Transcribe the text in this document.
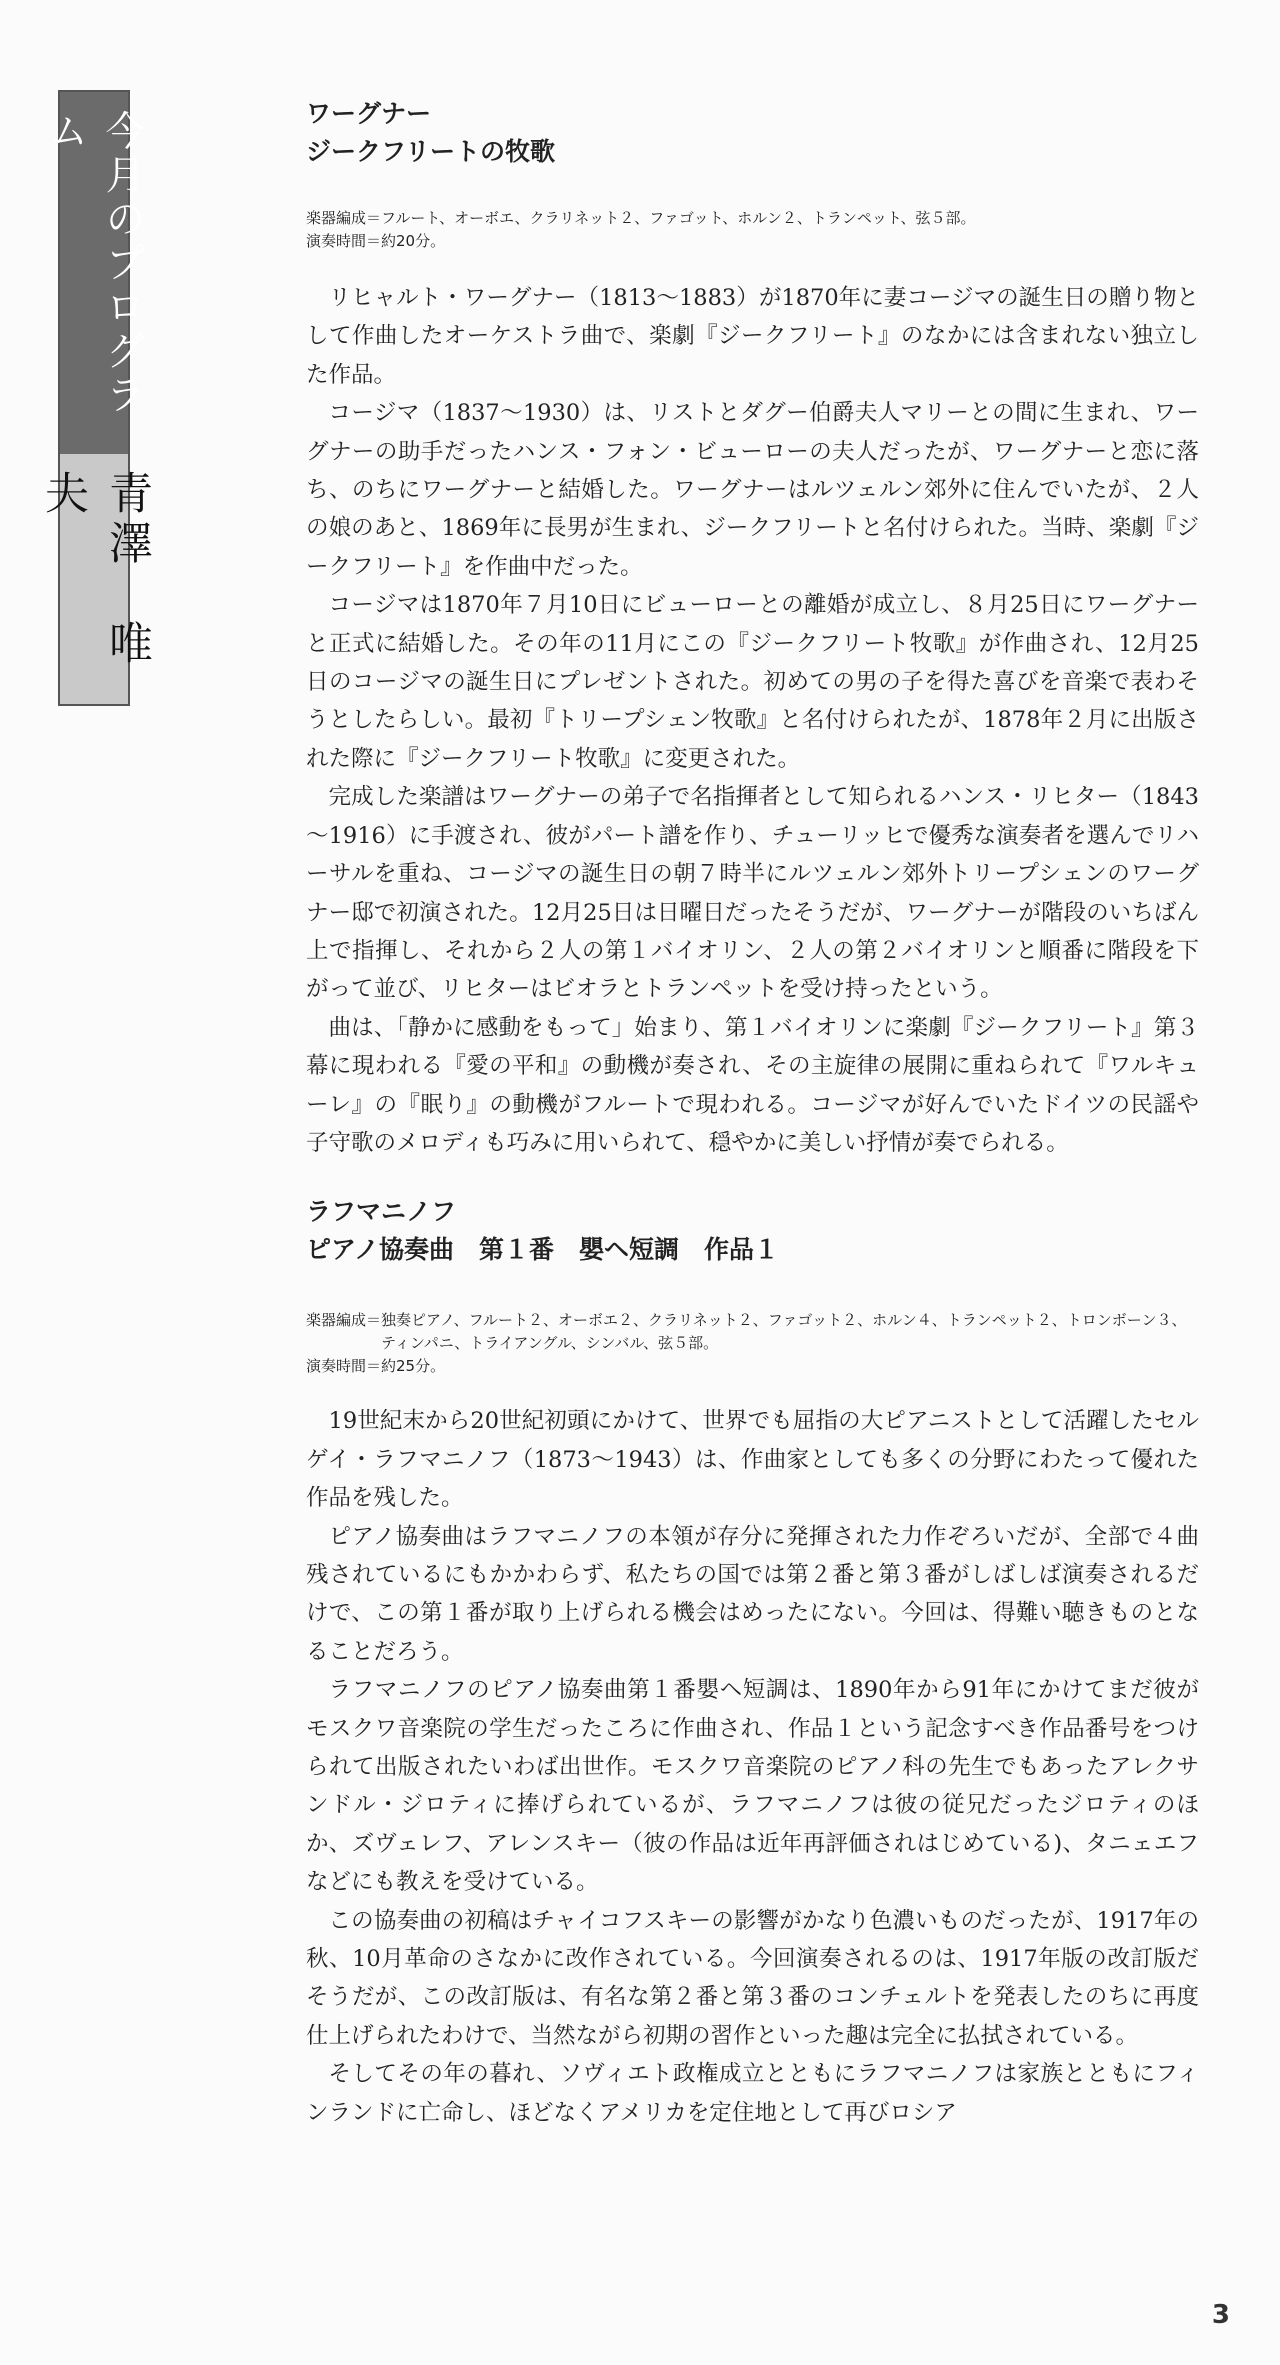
今月のプログラム
青澤　唯夫

ワーグナー

ジークフリートの牧歌

楽器編成＝ フルート、オーボエ、クラリネット２、ファゴット、ホルン２、トランペット、弦５部。

演奏時間＝約20分。

リヒャルト・ワーグナー（1813～1883）が1870年に妻コージマの誕生日の贈り物として作曲したオーケストラ曲で、楽劇『ジークフリート』のなかには含まれない独立した作品。

コージマ（1837～1930）は、リストとダグー伯爵夫人マリーとの間に生まれ、ワーグナーの助手だったハンス・フォン・ビューローの夫人だったが、ワーグナーと恋に落ち、のちにワーグナーと結婚した。ワーグナーはルツェルン郊外に住んでいたが、２人の娘のあと、1869年に長男が生まれ、ジークフリートと名付けられた。当時、楽劇『ジークフリート』を作曲中だった。

コージマは1870年７月10日にビューローとの離婚が成立し、８月25日にワーグナーと正式に結婚した。その年の11月にこの『ジークフリート牧歌』が作曲され、12月25日のコージマの誕生日にプレゼントされた。初めての男の子を得た喜びを音楽で表わそうとしたらしい。最初『トリープシェン牧歌』と名付けられたが、1878年２月に出版された際に『ジークフリート牧歌』に変更された。

完成した楽譜はワーグナーの弟子で名指揮者として知られるハンス・リヒター（1843～1916）に手渡され、彼がパート譜を作り、チューリッヒで優秀な演奏者を選んでリハーサルを重ね、コージマの誕生日の朝７時半にルツェルン郊外トリープシェンのワーグナー邸で初演された。12月25日は日曜日だったそうだが、ワーグナーが階段のいちばん上で指揮し、それから２人の第１バイオリン、２人の第２バイオリンと順番に階段を下がって並び、リヒターはビオラとトランペットを受け持ったという。

曲は、「静かに感動をもって」始まり、第１バイオリンに楽劇『ジークフリート』第３幕に現われる『愛の平和』の動機が奏され、その主旋律の展開に重ねられて『ワルキューレ』の『眠り』の動機がフルートで現われる。コージマが好んでいたドイツの民謡や子守歌のメロディも巧みに用いられて、穏やかに美しい抒情が奏でられる。

ラフマニノフ

ピアノ協奏曲　第１番　嬰ヘ短調　作品１

楽器編成＝ 独奏ピアノ、フルート２、オーボエ２、クラリネット２、ファゴット２、ホルン４、トランペット２、トロンボーン３、ティンパニ、トライアングル、シンバル、弦５部。

演奏時間＝約25分。

19世紀末から20世紀初頭にかけて、世界でも屈指の大ピアニストとして活躍したセルゲイ・ラフマニノフ（1873～1943）は、作曲家としても多くの分野にわたって優れた作品を残した。

ピアノ協奏曲はラフマニノフの本領が存分に発揮された力作ぞろいだが、全部で４曲残されているにもかかわらず、私たちの国では第２番と第３番がしばしば演奏されるだけで、この第１番が取り上げられる機会はめったにない。今回は、得難い聴きものとなることだろう。

ラフマニノフのピアノ協奏曲第１番嬰ヘ短調は、1890年から91年にかけてまだ彼がモスクワ音楽院の学生だったころに作曲され、作品１という記念すべき作品番号をつけられて出版されたいわば出世作。モスクワ音楽院のピアノ科の先生でもあったアレクサンドル・ジロティに捧げられているが、ラフマニノフは彼の従兄だったジロティのほか、ズヴェレフ、アレンスキー（彼の作品は近年再評価されはじめている)、タニェエフなどにも教えを受けている。

この協奏曲の初稿はチャイコフスキーの影響がかなり色濃いものだったが、1917年の秋、10月革命のさなかに改作されている。今回演奏されるのは、1917年版の改訂版だそうだが、この改訂版は、有名な第２番と第３番のコンチェルトを発表したのちに再度仕上げられたわけで、当然ながら初期の習作といった趣は完全に払拭されている。

そしてその年の暮れ、ソヴィエト政権成立とともにラフマニノフは家族とともにフィンランドに亡命し、ほどなくアメリカを定住地として再びロシア

3
